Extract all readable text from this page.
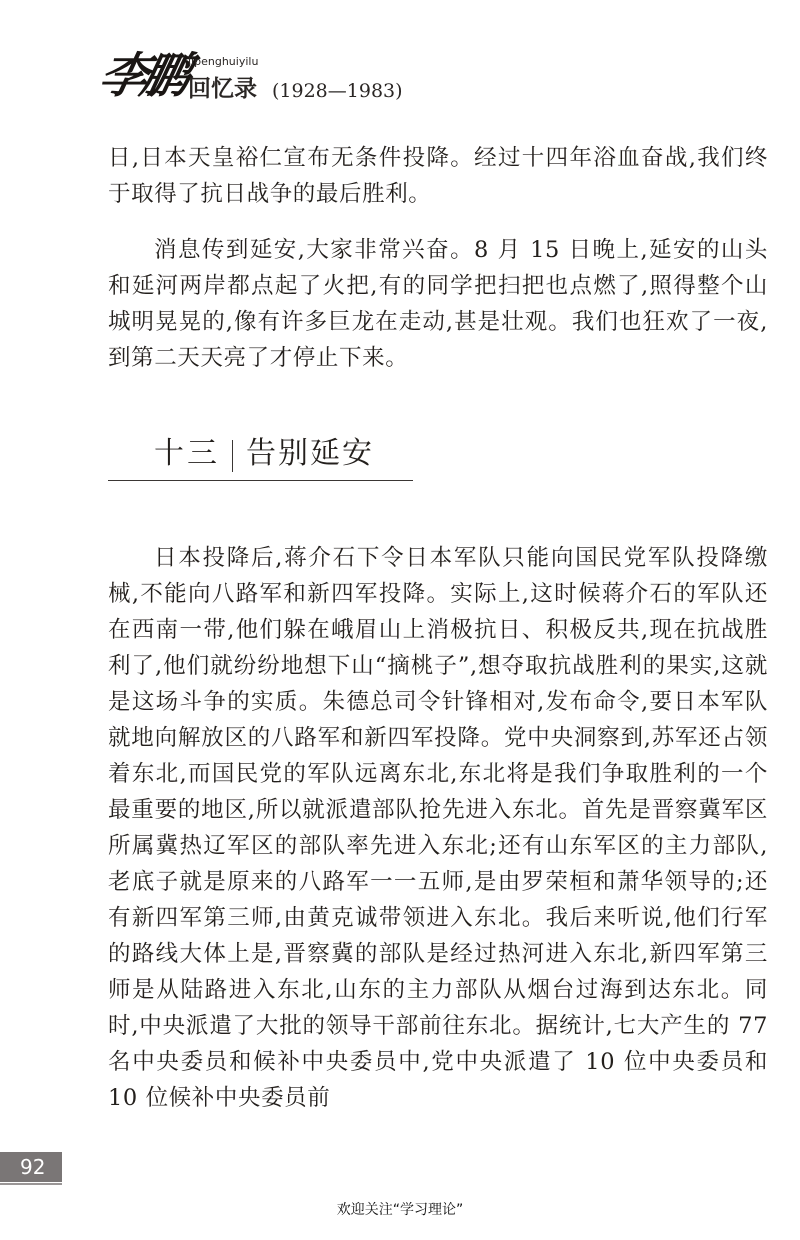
李鹏
lipenghuiyilu
回忆录 (1928—1983)

日,日本天皇裕仁宣布无条件投降。经过十四年浴血奋战,我们终于取得了抗日战争的最后胜利。

消息传到延安,大家非常兴奋。8 月 15 日晚上,延安的山头和延河两岸都点起了火把,有的同学把扫把也点燃了,照得整个山城明晃晃的,像有许多巨龙在走动,甚是壮观。我们也狂欢了一夜,到第二天天亮了才停止下来。

十三 告别延安

日本投降后,蒋介石下令日本军队只能向国民党军队投降缴械,不能向八路军和新四军投降。实际上,这时候蒋介石的军队还在西南一带,他们躲在峨眉山上消极抗日、积极反共,现在抗战胜利了,他们就纷纷地想下山“摘桃子”,想夺取抗战胜利的果实,这就是这场斗争的实质。朱德总司令针锋相对,发布命令,要日本军队就地向解放区的八路军和新四军投降。党中央洞察到,苏军还占领着东北,而国民党的军队远离东北,东北将是我们争取胜利的一个最重要的地区,所以就派遣部队抢先进入东北。首先是晋察冀军区所属冀热辽军区的部队率先进入东北;还有山东军区的主力部队,老底子就是原来的八路军一一五师,是由罗荣桓和萧华领导的;还有新四军第三师,由黄克诚带领进入东北。我后来听说,他们行军的路线大体上是,晋察冀的部队是经过热河进入东北,新四军第三师是从陆路进入东北,山东的主力部队从烟台过海到达东北。同时,中央派遣了大批的领导干部前往东北。据统计,七大产生的 77 名中央委员和候补中央委员中,党中央派遣了 10 位中央委员和 10 位候补中央委员前

92
欢迎关注“学习理论”
